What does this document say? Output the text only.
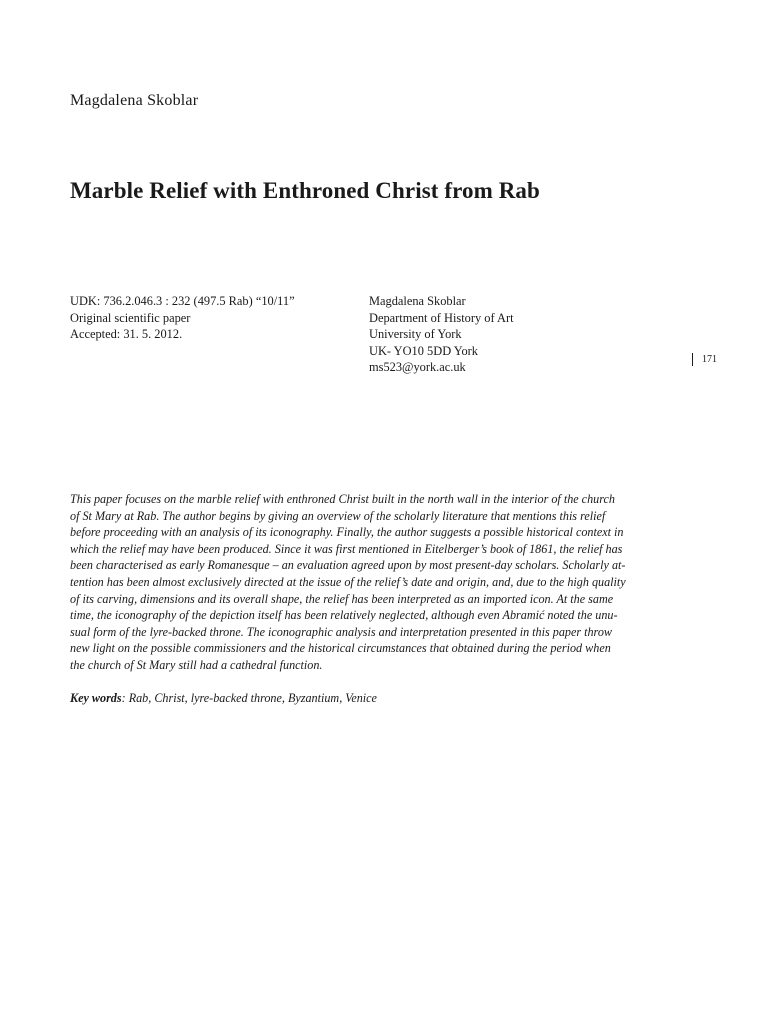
Magdalena Skoblar
Marble Relief with Enthroned Christ from Rab
UDK: 736.2.046.3 : 232 (497.5 Rab) “10/11”
Original scientific paper
Accepted: 31. 5. 2012.
Magdalena Skoblar
Department of History of Art
University of York
UK- YO10 5DD York
ms523@york.ac.uk
171
This paper focuses on the marble relief with enthroned Christ built in the north wall in the interior of the church
of St Mary at Rab. The author begins by giving an overview of the scholarly literature that mentions this relief
before proceeding with an analysis of its iconography. Finally, the author suggests a possible historical context in
which the relief may have been produced. Since it was first mentioned in Eitelberger’s book of 1861, the relief has
been characterised as early Romanesque – an evaluation agreed upon by most present-day scholars. Scholarly at-
tention has been almost exclusively directed at the issue of the relief’s date and origin, and, due to the high quality
of its carving, dimensions and its overall shape, the relief has been interpreted as an imported icon. At the same
time, the iconography of the depiction itself has been relatively neglected, although even Abramić noted the unu-
sual form of the lyre-backed throne. The iconographic analysis and interpretation presented in this paper throw
new light on the possible commissioners and the historical circumstances that obtained during the period when
the church of St Mary still had a cathedral function.

Key words: Rab, Christ, lyre-backed throne, Byzantium, Venice
